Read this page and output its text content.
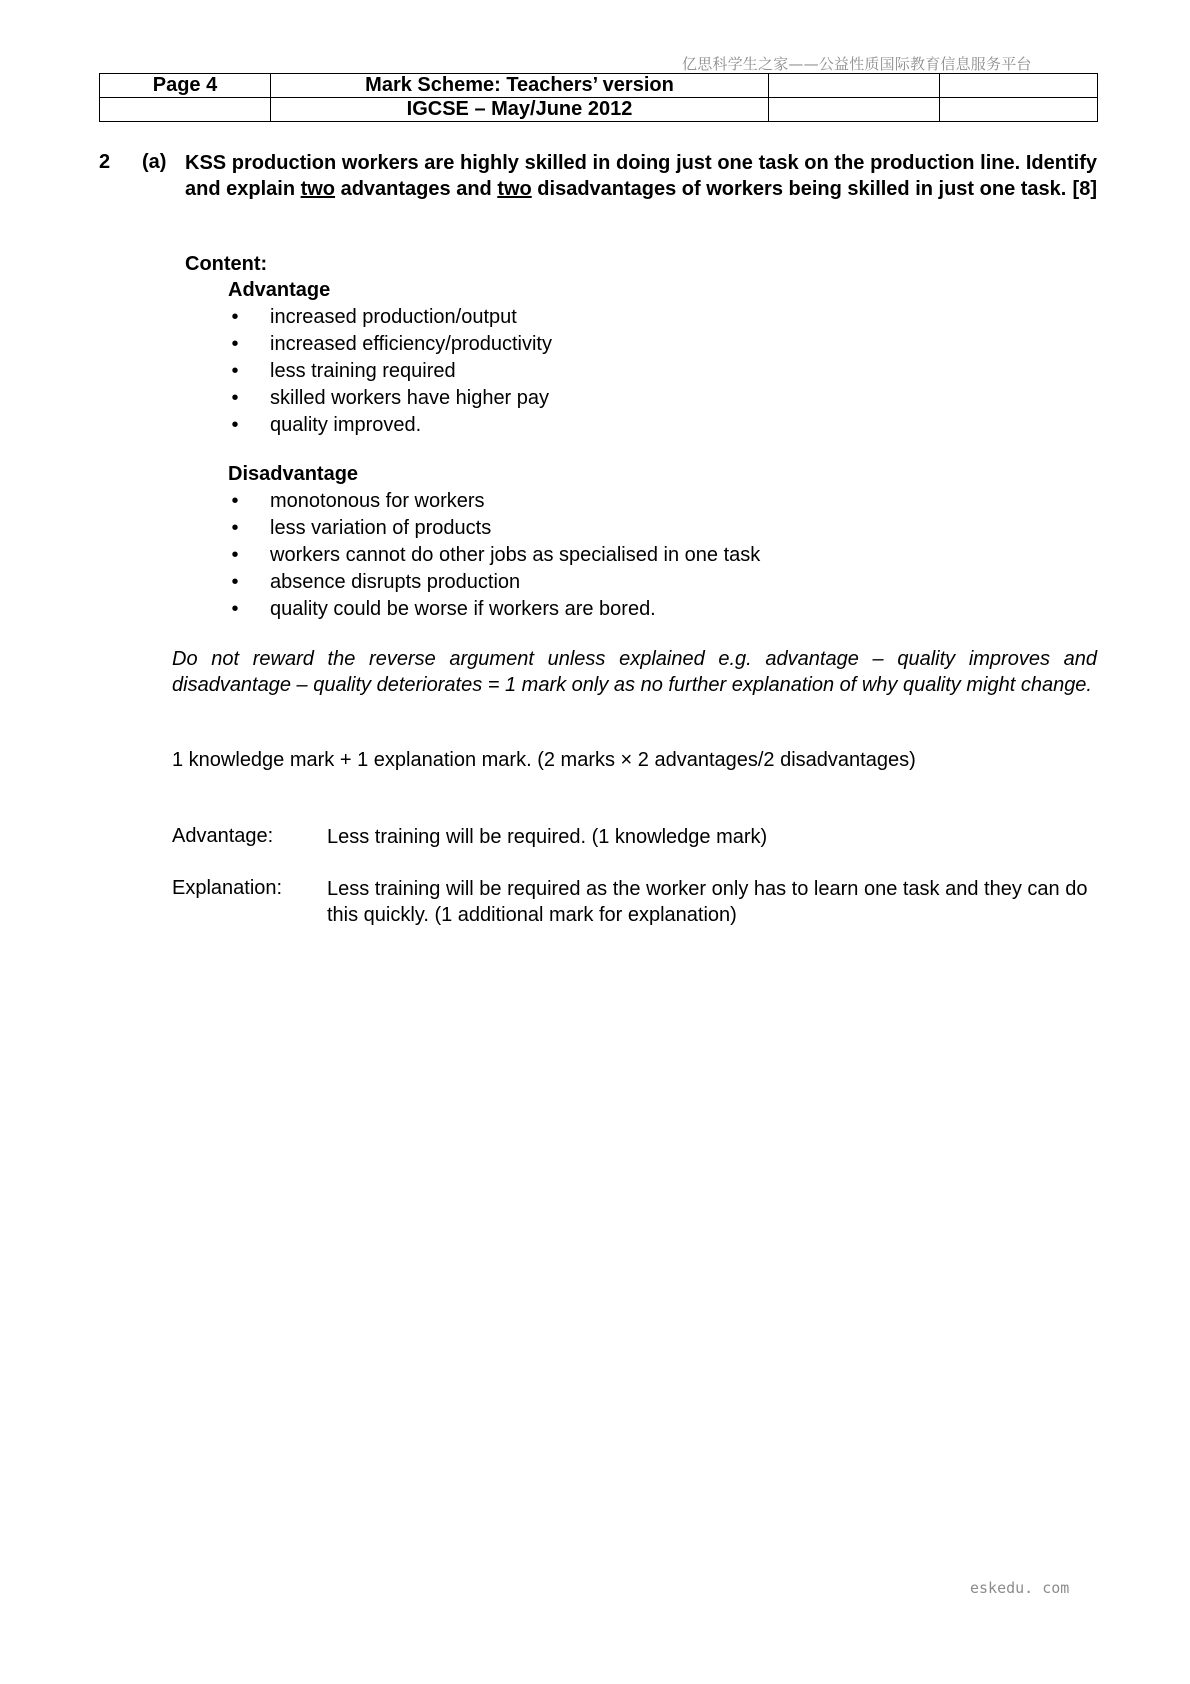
亿思科学生之家——公益性质国际教育信息服务平台
Page 4	Mark Scheme: Teachers’ version		
	IGCSE – May/June 2012		
2 (a) KSS production workers are highly skilled in doing just one task on the production line. Identify and explain two advantages and two disadvantages of workers being skilled in just one task. [8]
Content:
Advantage
• increased production/output
• increased efficiency/productivity
• less training required
• skilled workers have higher pay
• quality improved.
Disadvantage
• monotonous for workers
• less variation of products
• workers cannot do other jobs as specialised in one task
• absence disrupts production
• quality could be worse if workers are bored.
Do not reward the reverse argument unless explained e.g. advantage – quality improves and disadvantage – quality deteriorates = 1 mark only as no further explanation of why quality might change.
1 knowledge mark + 1 explanation mark. (2 marks × 2 advantages/2 disadvantages)
Advantage:	Less training will be required. (1 knowledge mark)
Explanation: Less training will be required as the worker only has to learn one task and they can do this quickly. (1 additional mark for explanation)
eskedu. com
